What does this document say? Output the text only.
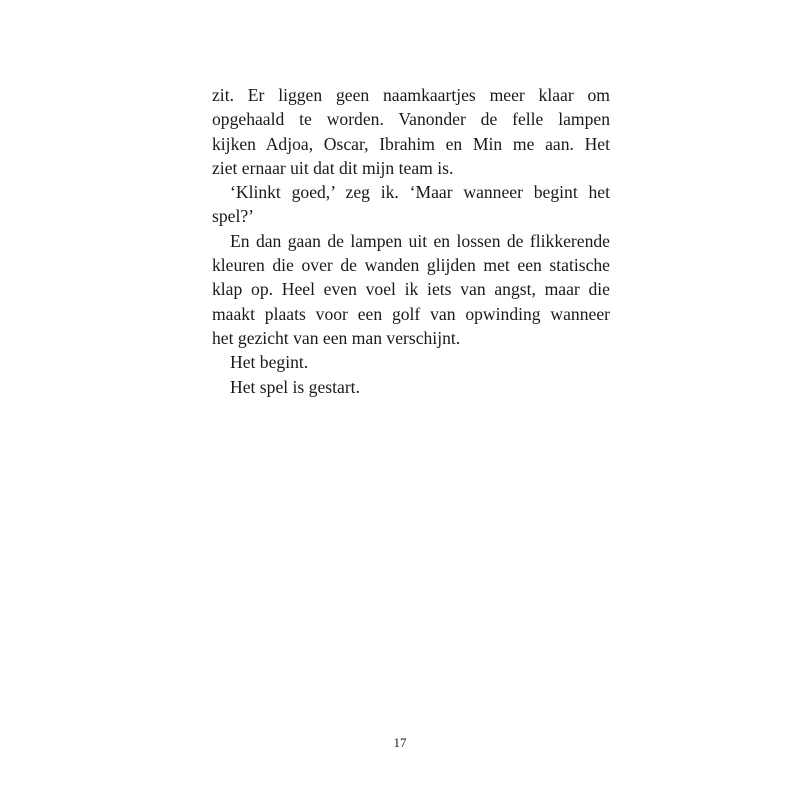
zit. Er liggen geen naamkaartjes meer klaar om
opgehaald te worden. Vanonder de felle lampen
kijken Adjoa, Oscar, Ibrahim en Min me aan. Het
ziet ernaar uit dat dit mijn team is.
‘Klinkt goed,’ zeg ik. ‘Maar wanneer begint het
spel?’
En dan gaan de lampen uit en lossen de flikkerende
kleuren die over de wanden glijden met een statische
klap op. Heel even voel ik iets van angst, maar die
maakt plaats voor een golf van opwinding wanneer
het gezicht van een man verschijnt.
Het begint.
Het spel is gestart.
17
